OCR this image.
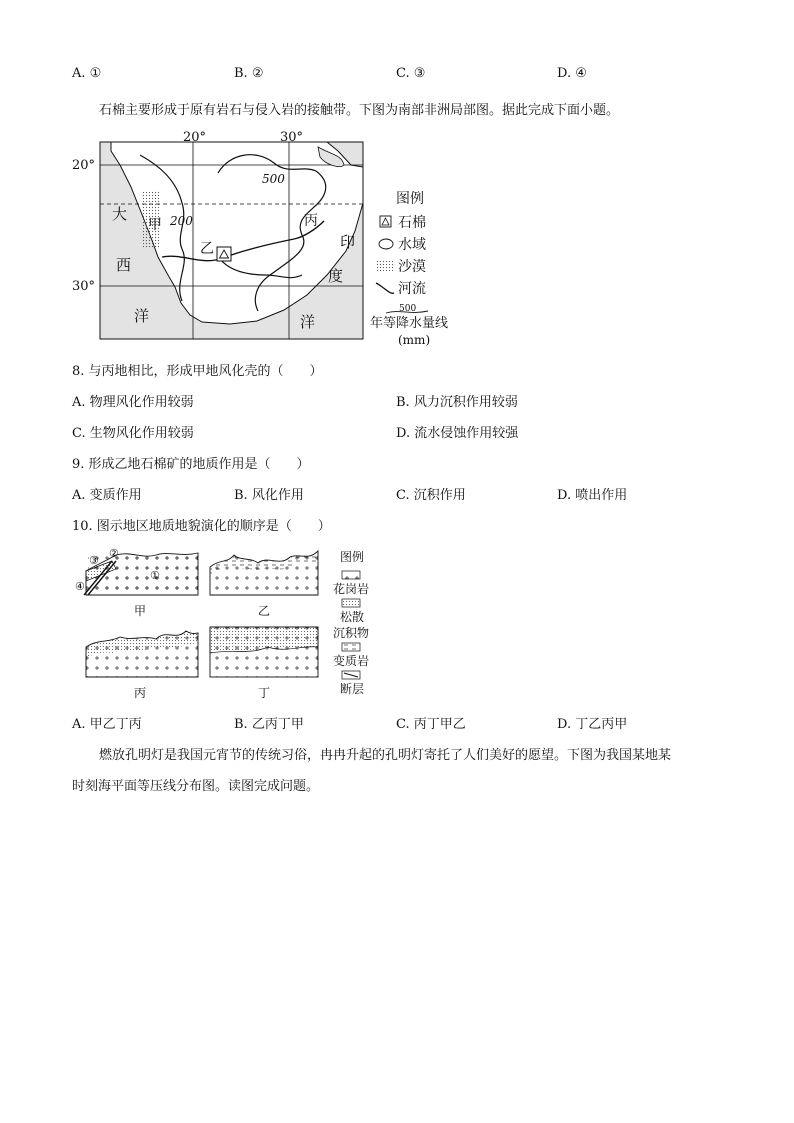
A. ①	B. ②	C. ③	D. ④
石棉主要形成于原有岩石与侵入岩的接触带。下图为南部非洲局部图。据此完成下面小题。
20°	30°
20°
30°
500
200
甲
乙
丙
大
西
洋
印
度
洋
图例
石棉
水域
沙漠
河流
500
年等降水量线
(mm)
8. 与丙地相比，形成甲地风化壳的（　　）
A. 物理风化作用较弱	B. 风力沉积作用较弱
C. 生物风化作用较弱	D. 流水侵蚀作用较强
9. 形成乙地石棉矿的地质作用是（　　）
A. 变质作用	B. 风化作用	C. 沉积作用	D. 喷出作用
10. 图示地区地质地貌演化的顺序是（　　）
③
②
①
④
甲	乙
丙	丁
图例
花岗岩
松散
沉积物
变质岩
断层
A. 甲乙丁丙	B. 乙丙丁甲	C. 丙丁甲乙	D. 丁乙丙甲
燃放孔明灯是我国元宵节的传统习俗，冉冉升起的孔明灯寄托了人们美好的愿望。下图为我国某地某
时刻海平面等压线分布图。读图完成问题。
